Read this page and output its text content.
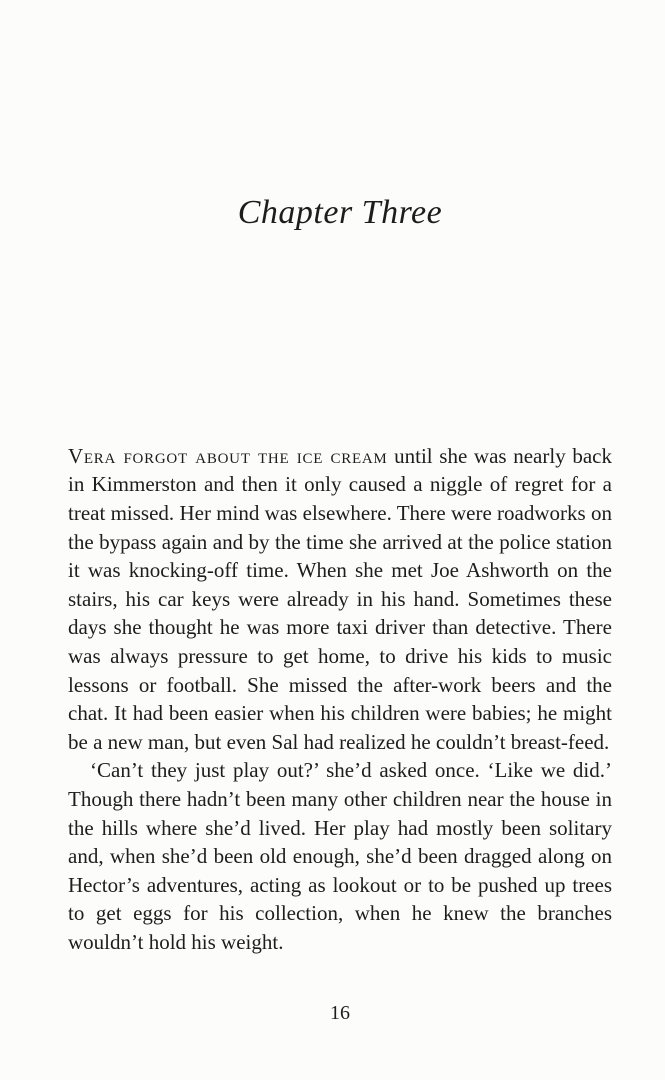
Chapter Three

Vera forgot about the ice cream until she was nearly back in Kimmerston and then it only caused a niggle of regret for a treat missed. Her mind was elsewhere. There were roadworks on the bypass again and by the time she arrived at the police station it was knocking-off time. When she met Joe Ashworth on the stairs, his car keys were already in his hand. Sometimes these days she thought he was more taxi driver than detective. There was always pressure to get home, to drive his kids to music lessons or football. She missed the after-work beers and the chat. It had been easier when his children were babies; he might be a new man, but even Sal had realized he couldn’t breast-feed.

‘Can’t they just play out?’ she’d asked once. ‘Like we did.’ Though there hadn’t been many other children near the house in the hills where she’d lived. Her play had mostly been solitary and, when she’d been old enough, she’d been dragged along on Hector’s adventures, acting as lookout or to be pushed up trees to get eggs for his collection, when he knew the branches wouldn’t hold his weight.

16
